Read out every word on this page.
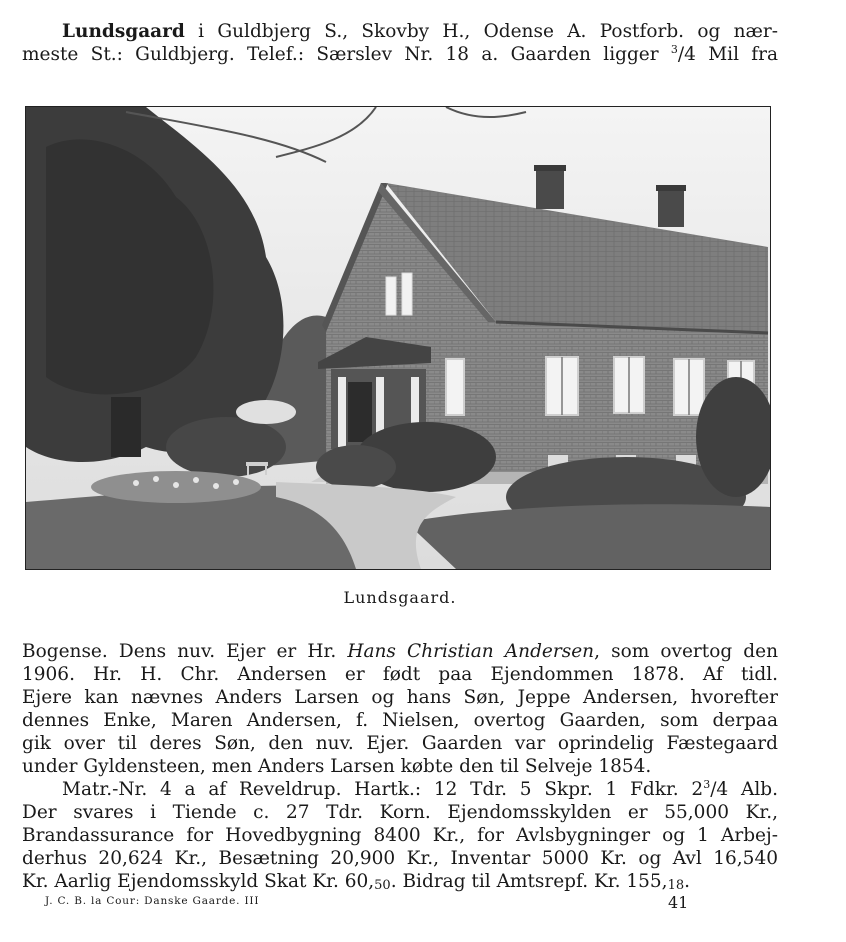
Lundsgaard i Guldbjerg S., Skovby H., Odense A. Postforb. og nær-
meste St.: Guldbjerg. Telef.: Særslev Nr. 18 a. Gaarden ligger $^3$/4 Mil fra
Lundsgaard.
Bogense. Dens nuv. Ejer er Hr. Hans Christian Andersen, som overtog den
1906. Hr. H. Chr. Andersen er født paa Ejendommen 1878. Af tidl.
Ejere kan nævnes Anders Larsen og hans Søn, Jeppe Andersen, hvorefter
dennes Enke, Maren Andersen, f. Nielsen, overtog Gaarden, som derpaa
gik over til deres Søn, den nuv. Ejer. Gaarden var oprindelig Fæstegaard
under Gyldensteen, men Anders Larsen købte den til Selveje 1854.
Matr.-Nr. 4 a af Reveldrup. Hartk.: 12 Tdr. 5 Skpr. 1 Fdkr. $2^3/4$ Alb.
Der svares i Tiende c. 27 Tdr. Korn. Ejendomsskylden er 55,000 Kr.,
Brandassurance for Hovedbygning 8400 Kr., for Avlsbygninger og 1 Arbej-
derhus 20,624 Kr., Besætning 20,900 Kr., Inventar 5000 Kr. og Avl 16,540
Kr. Aarlig Ejendomsskyld Skat Kr. $60,_{50}$. Bidrag til Amtsrepf. Kr. $155,_{18}$.
J. C. B. la Cour: Danske Gaarde. III	41
